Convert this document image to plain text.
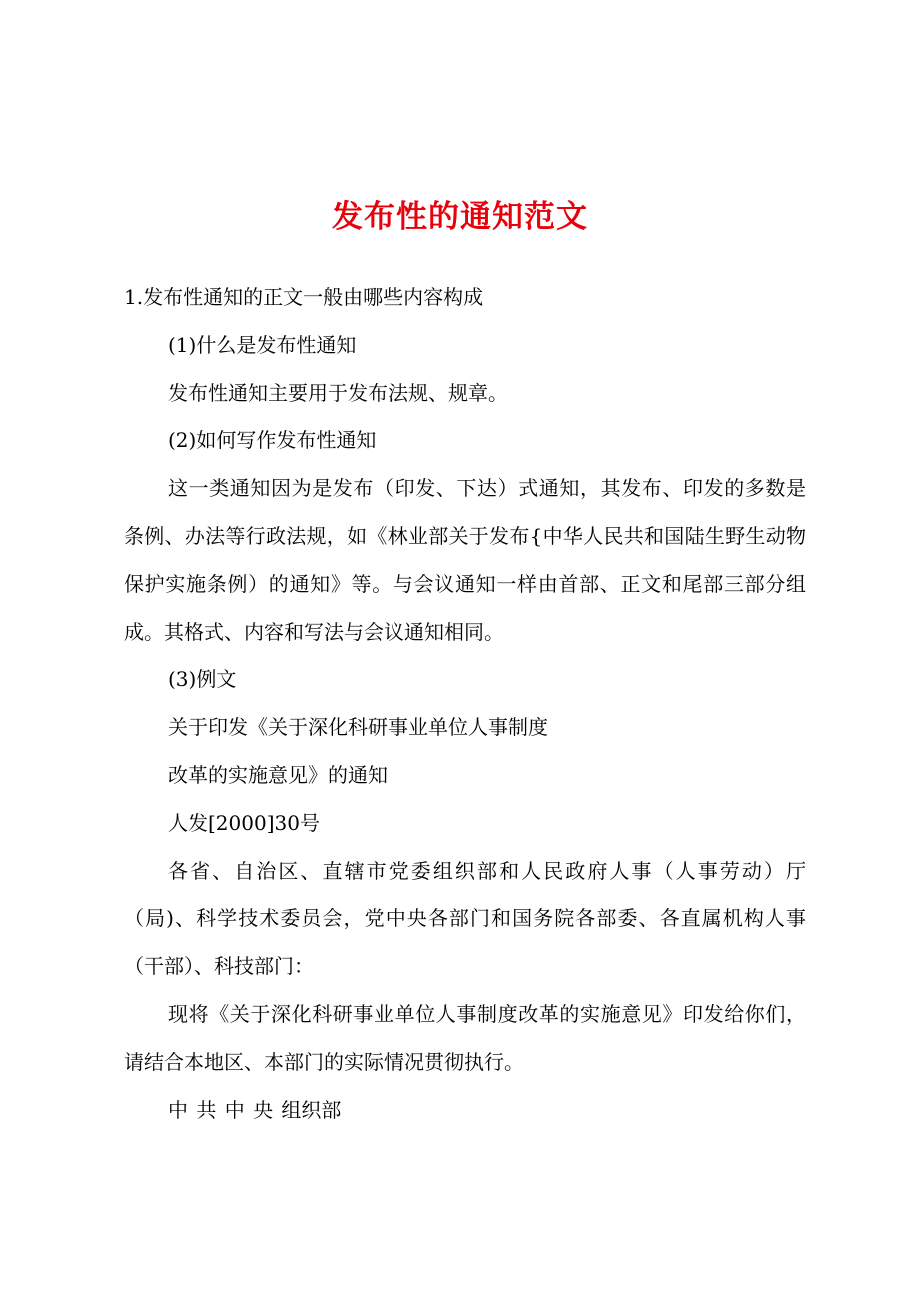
发布性的通知范文

1.发布性通知的正文一般由哪些内容构成

(1)什么是发布性通知

发布性通知主要用于发布法规、规章。

(2)如何写作发布性通知

这一类通知因为是发布（印发、下达）式通知，其发布、印发的多数是条例、办法等行政法规，如《林业部关于发布{中华人民共和国陆生野生动物保护实施条例）的通知》等。与会议通知一样由首部、正文和尾部三部分组成。其格式、内容和写法与会议通知相同。

(3)例文

关于印发《关于深化科研事业单位人事制度

改革的实施意见》的通知

人发[2000]30号

各省、自治区、直辖市党委组织部和人民政府人事（人事劳动）厅（局)、科学技术委员会，党中央各部门和国务院各部委、各直属机构人事（干部）、科技部门：

现将《关于深化科研事业单位人事制度改革的实施意见》印发给你们，请结合本地区、本部门的实际情况贯彻执行。

中 共 中 央 组织部
